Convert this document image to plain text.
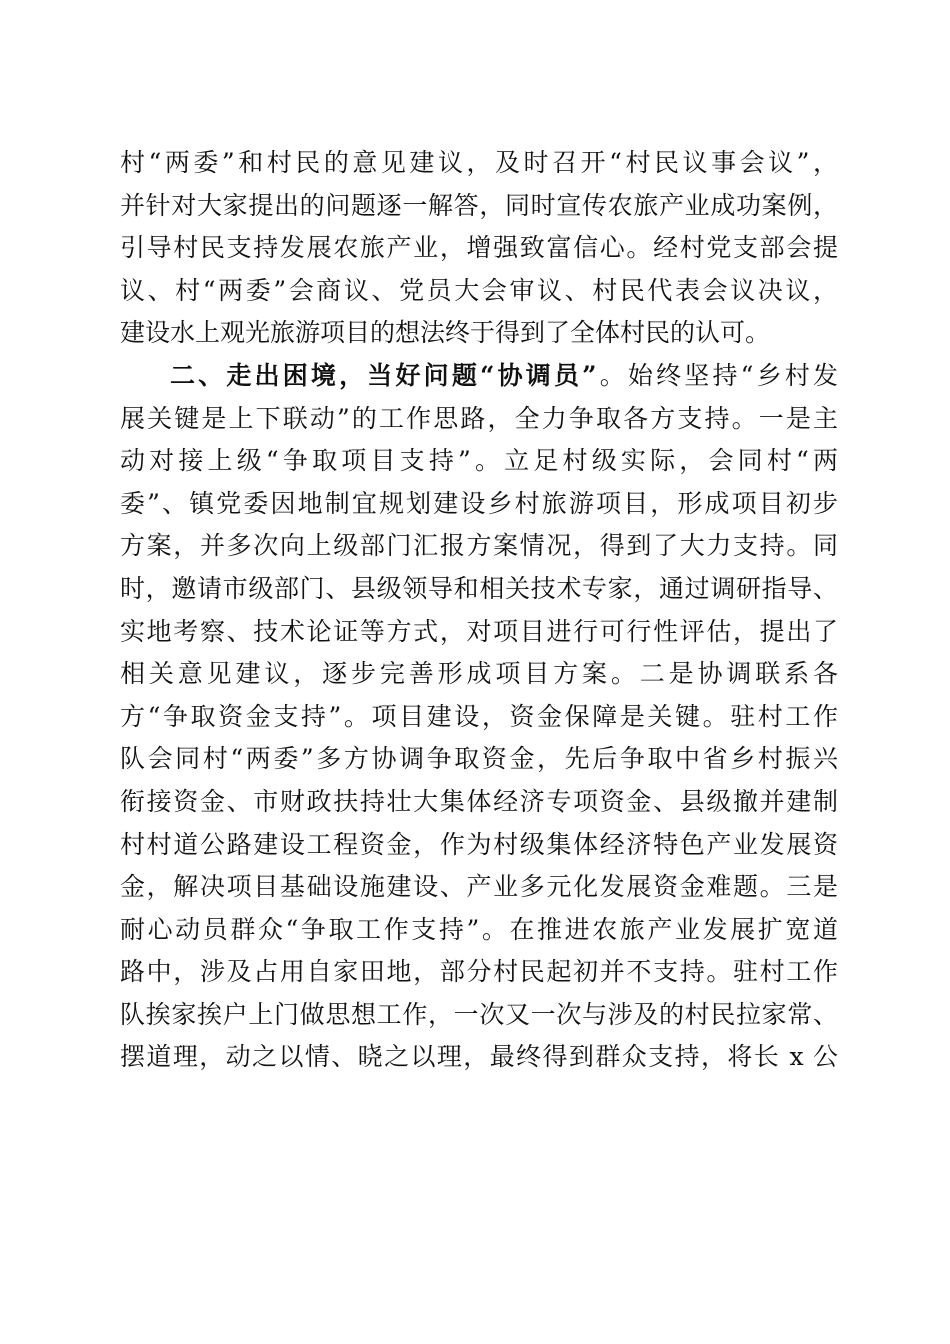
村“两委”和村民的意见建议，及时召开“村民议事会议”，
并针对大家提出的问题逐一解答，同时宣传农旅产业成功案例，
引导村民支持发展农旅产业，增强致富信心。经村党支部会提
议、村“两委”会商议、党员大会审议、村民代表会议决议，
建设水上观光旅游项目的想法终于得到了全体村民的认可。
二、走出困境，当好问题“协调员”。始终坚持“乡村发
展关键是上下联动”的工作思路，全力争取各方支持。一是主
动对接上级“争取项目支持”。立足村级实际，会同村“两
委”、镇党委因地制宜规划建设乡村旅游项目，形成项目初步
方案，并多次向上级部门汇报方案情况，得到了大力支持。同
时，邀请市级部门、县级领导和相关技术专家，通过调研指导、
实地考察、技术论证等方式，对项目进行可行性评估，提出了
相关意见建议，逐步完善形成项目方案。二是协调联系各
方“争取资金支持”。项目建设，资金保障是关键。驻村工作
队会同村“两委”多方协调争取资金，先后争取中省乡村振兴
衔接资金、市财政扶持壮大集体经济专项资金、县级撤并建制
村村道公路建设工程资金，作为村级集体经济特色产业发展资
金，解决项目基础设施建设、产业多元化发展资金难题。三是
耐心动员群众“争取工作支持”。在推进农旅产业发展扩宽道
路中，涉及占用自家田地，部分村民起初并不支持。驻村工作
队挨家挨户上门做思想工作，一次又一次与涉及的村民拉家常、
摆道理，动之以情、晓之以理，最终得到群众支持，将长 x 公
